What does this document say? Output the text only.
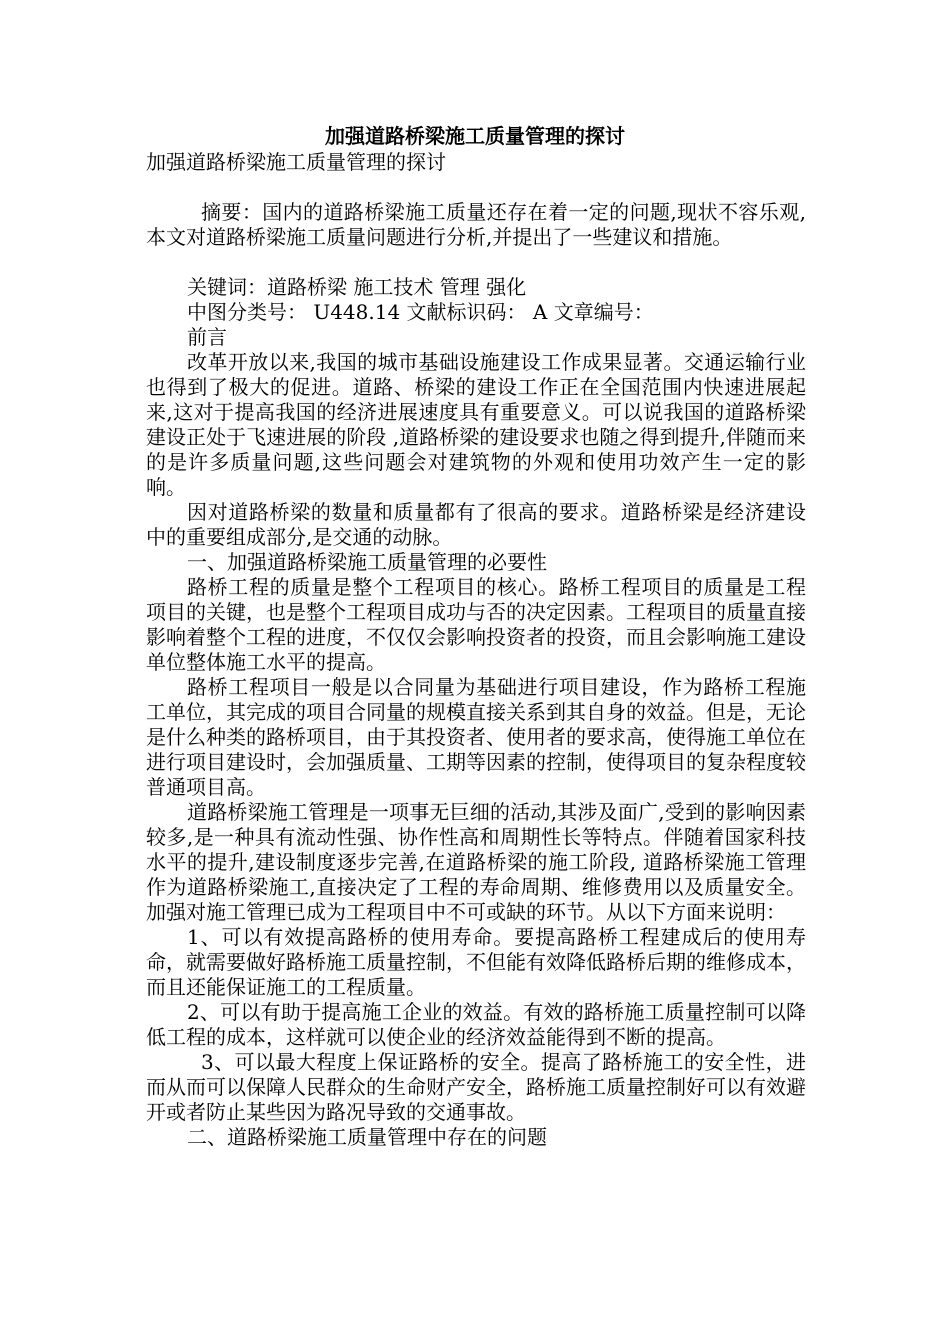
加强道路桥梁施工质量管理的探讨

加强道路桥梁施工质量管理的探讨

摘要：国内的道路桥梁施工质量还存在着一定的问题,现状不容乐观,本文对道路桥梁施工质量问题进行分析,并提出了一些建议和措施。

关键词：道路桥梁 施工技术 管理 强化

中图分类号： U448.14 文献标识码： A 文章编号：

前言

改革开放以来,我国的城市基础设施建设工作成果显著。交通运输行业也得到了极大的促进。道路、桥梁的建设工作正在全国范围内快速进展起来,这对于提高我国的经济进展速度具有重要意义。可以说我国的道路桥梁建设正处于飞速进展的阶段 ,道路桥梁的建设要求也随之得到提升,伴随而来的是许多质量问题,这些问题会对建筑物的外观和使用功效产生一定的影响。

因对道路桥梁的数量和质量都有了很高的要求。道路桥梁是经济建设中的重要组成部分,是交通的动脉。

一、加强道路桥梁施工质量管理的必要性

路桥工程的质量是整个工程项目的核心。路桥工程项目的质量是工程项目的关键，也是整个工程项目成功与否的决定因素。工程项目的质量直接影响着整个工程的进度，不仅仅会影响投资者的投资，而且会影响施工建设单位整体施工水平的提高。

路桥工程项目一般是以合同量为基础进行项目建设，作为路桥工程施工单位，其完成的项目合同量的规模直接关系到其自身的效益。但是，无论是什么种类的路桥项目，由于其投资者、使用者的要求高，使得施工单位在进行项目建设时，会加强质量、工期等因素的控制，使得项目的复杂程度较普通项目高。

道路桥梁施工管理是一项事无巨细的活动,其涉及面广,受到的影响因素较多,是一种具有流动性强、协作性高和周期性长等特点。伴随着国家科技水平的提升,建设制度逐步完善,在道路桥梁的施工阶段, 道路桥梁施工管理作为道路桥梁施工,直接决定了工程的寿命周期、维修费用以及质量安全。加强对施工管理已成为工程项目中不可或缺的环节。从以下方面来说明：

1、可以有效提高路桥的使用寿命。要提高路桥工程建成后的使用寿命，就需要做好路桥施工质量控制，不但能有效降低路桥后期的维修成本，而且还能保证施工的工程质量。

2、可以有助于提高施工企业的效益。有效的路桥施工质量控制可以降低工程的成本，这样就可以使企业的经济效益能得到不断的提高。

3、可以最大程度上保证路桥的安全。提高了路桥施工的安全性，进而从而可以保障人民群众的生命财产安全，路桥施工质量控制好可以有效避开或者防止某些因为路况导致的交通事故。

二、道路桥梁施工质量管理中存在的问题
